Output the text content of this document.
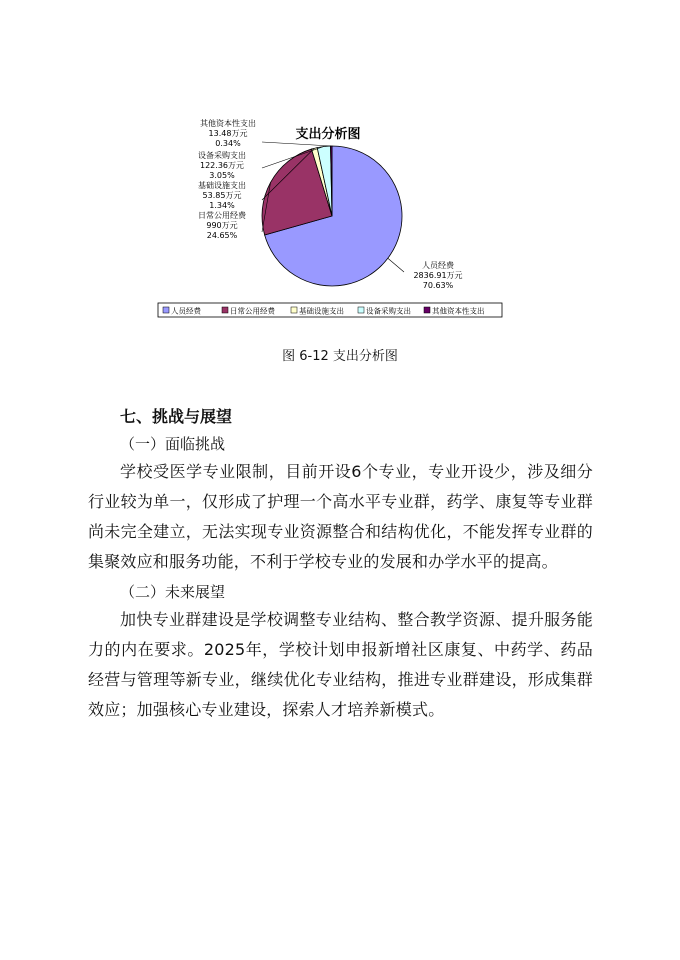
支出分析图
人员经费
2836.91万元
70.63%
日常公用经费
990万元
24.65%
基础设施支出
53.85万元
1.34%
设备采购支出
122.36万元
3.05%
其他资本性支出
13.48万元
0.34%
人员经费	日常公用经费	基础设施支出	设备采购支出	其他资本性支出
图 6-12 支出分析图
七、挑战与展望
（一）面临挑战
学校受医学专业限制，目前开设6个专业，专业开设少，涉及细分行业较为单一，仅形成了护理一个高水平专业群，药学、康复等专业群尚未完全建立，无法实现专业资源整合和结构优化，不能发挥专业群的集聚效应和服务功能，不利于学校专业的发展和办学水平的提高。
（二）未来展望
加快专业群建设是学校调整专业结构、整合教学资源、提升服务能力的内在要求。2025年，学校计划申报新增社区康复、中药学、药品经营与管理等新专业，继续优化专业结构，推进专业群建设，形成集群效应；加强核心专业建设，探索人才培养新模式。
